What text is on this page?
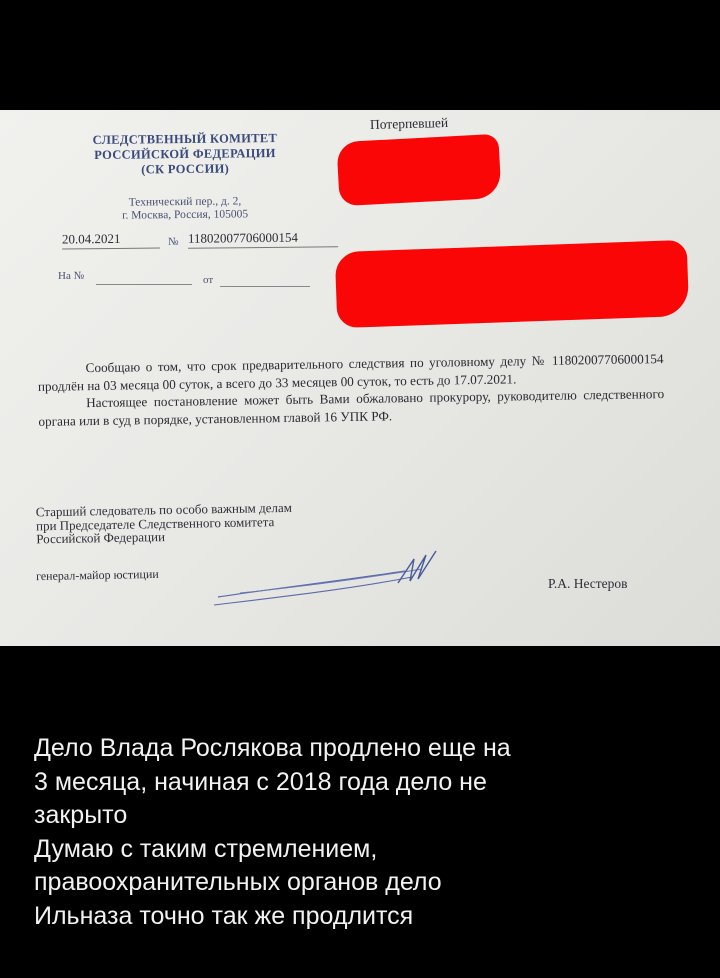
Потерпевшей
СЛЕДСТВЕННЫЙ КОМИТЕТ
РОССИЙСКОЙ ФЕДЕРАЦИИ
(СК РОССИИ)
Технический пер., д. 2,
г. Москва, Россия, 105005
20.04.2021	№ 11802007706000154
На №	от

Сообщаю о том, что срок предварительного следствия по уголовному делу № 11802007706000154 продлён на 03 месяца 00 суток, а всего до 33 месяцев 00 суток, то есть до 17.07.2021.

Настоящее постановление может быть Вами обжаловано прокурору, руководителю следственного органа или в суд в порядке, установленном главой 16 УПК РФ.

Старший следователь по особо важным делам
при Председателе Следственного комитета
Российской Федерации
генерал-майор юстиции
Р.А. Нестеров
Дело Влада Рослякова продлено еще на
3 месяца, начиная с 2018 года дело не
закрыто
Думаю с таким стремлением,
правоохранительных органов дело
Ильназа точно так же продлится
